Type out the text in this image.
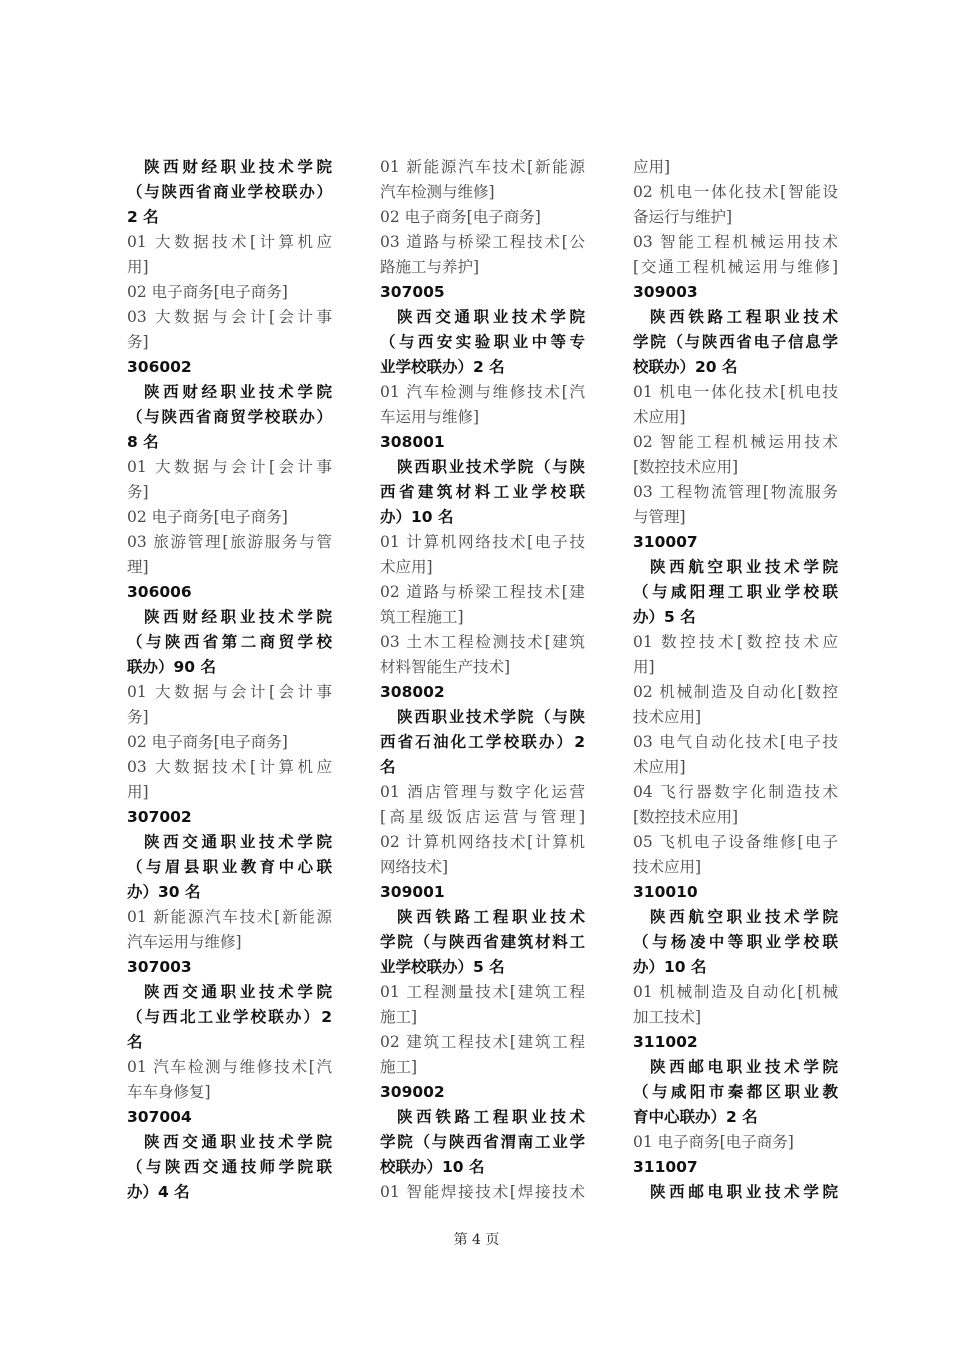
陕西财经职业技术学院
（与陕西省商业学校联办）
2 名
01 大数据技术[计算机应
用]
02 电子商务[电子商务]
03 大数据与会计[会计事
务]
306002
陕西财经职业技术学院
（与陕西省商贸学校联办）
8 名
01 大数据与会计[会计事
务]
02 电子商务[电子商务]
03 旅游管理[旅游服务与管
理]
306006
陕西财经职业技术学院
（与陕西省第二商贸学校
联办）90 名
01 大数据与会计[会计事
务]
02 电子商务[电子商务]
03 大数据技术[计算机应
用]
307002
陕西交通职业技术学院
（与眉县职业教育中心联
办）30 名
01 新能源汽车技术[新能源
汽车运用与维修]
307003
陕西交通职业技术学院
（与西北工业学校联办）2
名
01 汽车检测与维修技术[汽
车车身修复]
307004
陕西交通职业技术学院
（与陕西交通技师学院联
办）4 名
01 新能源汽车技术[新能源
汽车检测与维修]
02 电子商务[电子商务]
03 道路与桥梁工程技术[公
路施工与养护]
307005
陕西交通职业技术学院
（与西安实验职业中等专
业学校联办）2 名
01 汽车检测与维修技术[汽
车运用与维修]
308001
陕西职业技术学院（与陕
西省建筑材料工业学校联
办）10 名
01 计算机网络技术[电子技
术应用]
02 道路与桥梁工程技术[建
筑工程施工]
03 土木工程检测技术[建筑
材料智能生产技术]
308002
陕西职业技术学院（与陕
西省石油化工学校联办）2
名
01 酒店管理与数字化运营
[高星级饭店运营与管理]
02 计算机网络技术[计算机
网络技术]
309001
陕西铁路工程职业技术
学院（与陕西省建筑材料工
业学校联办）5 名
01 工程测量技术[建筑工程
施工]
02 建筑工程技术[建筑工程
施工]
309002
陕西铁路工程职业技术
学院（与陕西省渭南工业学
校联办）10 名
01 智能焊接技术[焊接技术
应用]
02 机电一体化技术[智能设
备运行与维护]
03 智能工程机械运用技术
[交通工程机械运用与维修]
309003
陕西铁路工程职业技术
学院（与陕西省电子信息学
校联办）20 名
01 机电一体化技术[机电技
术应用]
02 智能工程机械运用技术
[数控技术应用]
03 工程物流管理[物流服务
与管理]
310007
陕西航空职业技术学院
（与咸阳理工职业学校联
办）5 名
01 数控技术[数控技术应
用]
02 机械制造及自动化[数控
技术应用]
03 电气自动化技术[电子技
术应用]
04 飞行器数字化制造技术
[数控技术应用]
05 飞机电子设备维修[电子
技术应用]
310010
陕西航空职业技术学院
（与杨凌中等职业学校联
办）10 名
01 机械制造及自动化[机械
加工技术]
311002
陕西邮电职业技术学院
（与咸阳市秦都区职业教
育中心联办）2 名
01 电子商务[电子商务]
311007
陕西邮电职业技术学院
第 4 页
